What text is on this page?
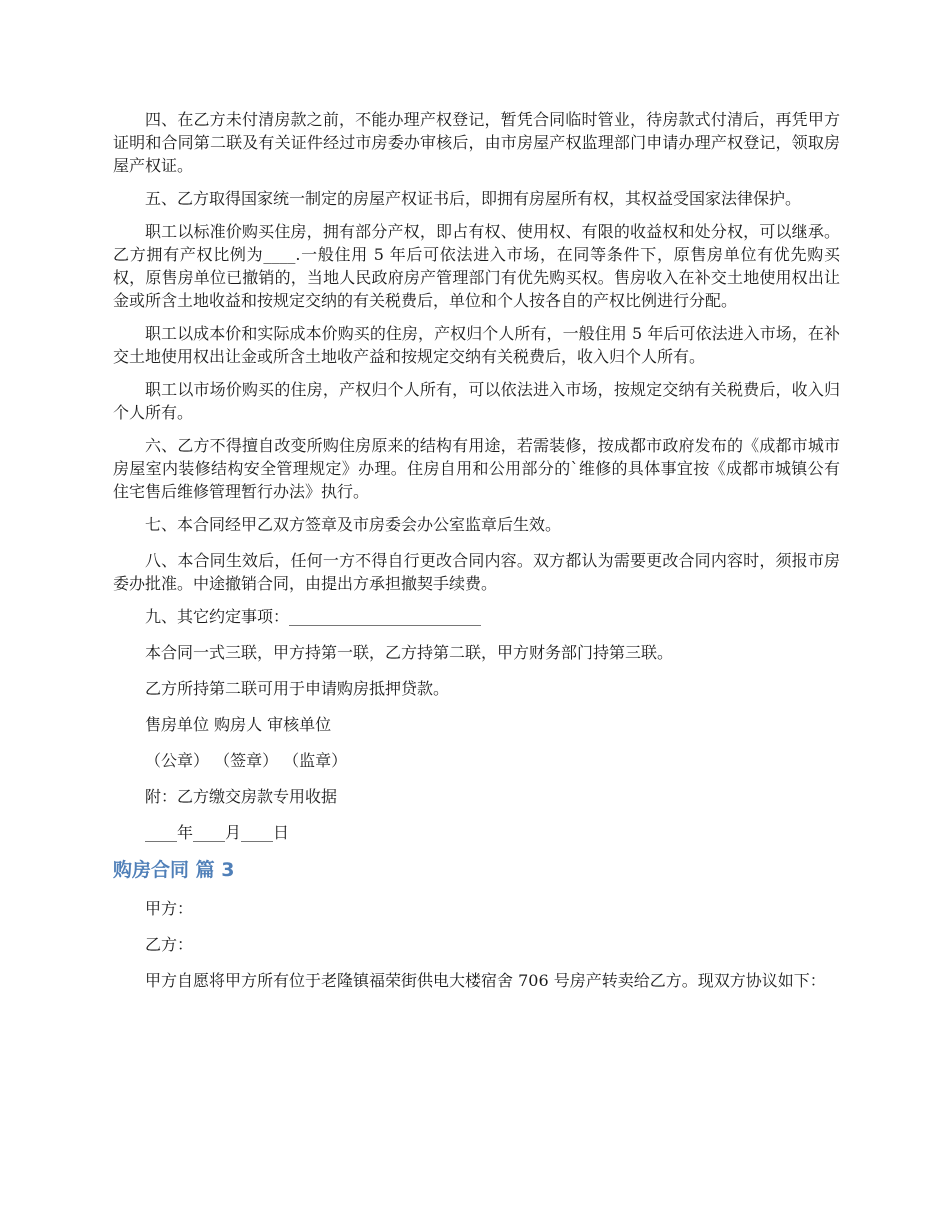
四、在乙方未付清房款之前，不能办理产权登记，暂凭合同临时管业，待房款式付清后，再凭甲方证明和合同第二联及有关证件经过市房委办审核后，由市房屋产权监理部门申请办理产权登记，领取房屋产权证。

五、乙方取得国家统一制定的房屋产权证书后，即拥有房屋所有权，其权益受国家法律保护。

职工以标准价购买住房，拥有部分产权，即占有权、使用权、有限的收益权和处分权，可以继承。乙方拥有产权比例为____.一般住用 5 年后可依法进入市场，在同等条件下，原售房单位有优先购买权，原售房单位已撤销的，当地人民政府房产管理部门有优先购买权。售房收入在补交土地使用权出让金或所含土地收益和按规定交纳的有关税费后，单位和个人按各自的产权比例进行分配。

职工以成本价和实际成本价购买的住房，产权归个人所有，一般住用 5 年后可依法进入市场，在补交土地使用权出让金或所含土地收产益和按规定交纳有关税费后，收入归个人所有。

职工以市场价购买的住房，产权归个人所有，可以依法进入市场，按规定交纳有关税费后，收入归个人所有。

六、乙方不得擅自改变所购住房原来的结构有用途，若需装修，按成都市政府发布的《成都市城市房屋室内装修结构安全管理规定》办理。住房自用和公用部分的`维修的具体事宜按《成都市城镇公有住宅售后维修管理暂行办法》执行。

七、本合同经甲乙双方签章及市房委会办公室监章后生效。

八、本合同生效后，任何一方不得自行更改合同内容。双方都认为需要更改合同内容时，须报市房委办批准。中途撤销合同，由提出方承担撤契手续费。

九、其它约定事项：________________________

本合同一式三联，甲方持第一联，乙方持第二联，甲方财务部门持第三联。

乙方所持第二联可用于申请购房抵押贷款。

售房单位 购房人 审核单位

（公章） （签章） （监章）

附：乙方缴交房款专用收据

____年____月____日

购房合同 篇 3

甲方：

乙方：

甲方自愿将甲方所有位于老隆镇福荣街供电大楼宿舍 706 号房产转卖给乙方。现双方协议如下：
